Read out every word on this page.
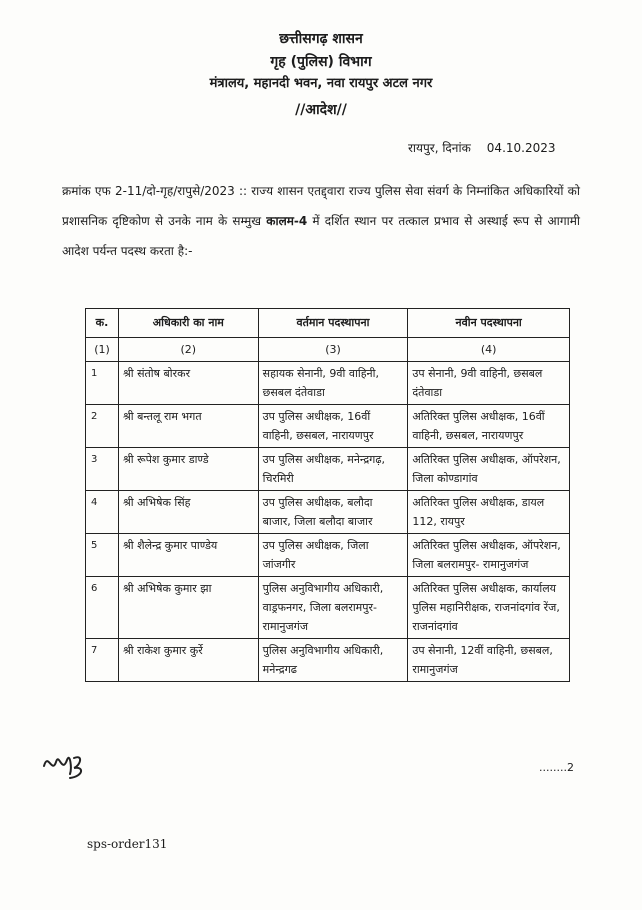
छत्तीसगढ़ शासन
गृह (पुलिस) विभाग
मंत्रालय, महानदी भवन, नवा रायपुर अटल नगर
//आदेश//
रायपुर, दिनांक 04.10.2023
क्रमांक एफ 2-11/दो-गृह/रापुसे/2023 :: राज्य शासन एतद्द्वारा राज्य पुलिस सेवा संवर्ग के निम्नांकित अधिकारियों को प्रशासनिक दृष्टिकोण से उनके नाम के सम्मुख कालम-4 में दर्शित स्थान पर तत्काल प्रभाव से अस्थाई रूप से आगामी आदेश पर्यन्त पदस्थ करता है:-
क.	अधिकारी का नाम	वर्तमान पदस्थापना	नवीन पदस्थापना
(1)	(2)	(3)	(4)
1	श्री संतोष बोरकर	सहायक सेनानी, 9वी वाहिनी, छसबल दंतेवाडा	उप सेनानी, 9वी वाहिनी, छसबल दंतेवाडा
2	श्री बन्तलू राम भगत	उप पुलिस अधीक्षक, 16वीं वाहिनी, छसबल, नारायणपुर	अतिरिक्त पुलिस अधीक्षक, 16वीं वाहिनी, छसबल, नारायणपुर
3	श्री रूपेश कुमार डाण्डे	उप पुलिस अधीक्षक, मनेन्द्रगढ़, चिरमिरी	अतिरिक्त पुलिस अधीक्षक, ऑपरेशन, जिला कोण्डागांव
4	श्री अभिषेक सिंह	उप पुलिस अधीक्षक, बलौदा बाजार, जिला बलौदा बाजार	अतिरिक्त पुलिस अधीक्षक, डायल 112, रायपुर
5	श्री शैलेन्द्र कुमार पाण्डेय	उप पुलिस अधीक्षक, जिला जांजगीर	अतिरिक्त पुलिस अधीक्षक, ऑपरेशन, जिला बलरामपुर- रामानुजगंज
6	श्री अभिषेक कुमार झा	पुलिस अनुविभागीय अधिकारी, वाड्रफनगर, जिला बलरामपुर-रामानुजगंज	अतिरिक्त पुलिस अधीक्षक, कार्यालय पुलिस महानिरीक्षक, राजनांदगांव रेंज, राजनांदगांव
7	श्री राकेश कुमार कुर्रे	पुलिस अनुविभागीय अधिकारी, मनेन्द्रगढ	उप सेनानी, 12वीं वाहिनी, छसबल, रामानुजगंज
........2
sps-order131
